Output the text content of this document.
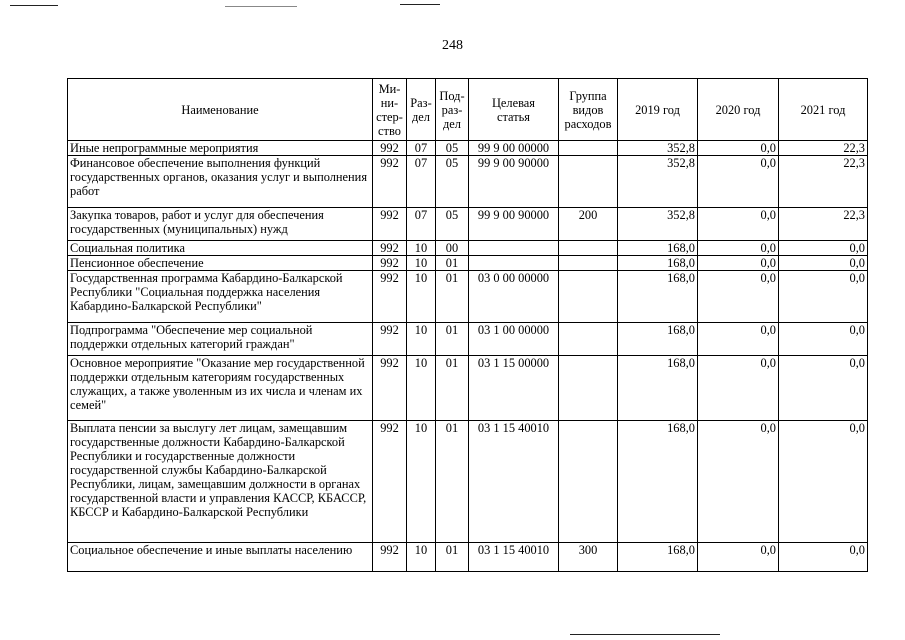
248
Наименование	Ми-
ни-
стер-
ство	Раз-
дел	Под-
раз-
дел	Целевая
статья	Группа
видов
расходов	2019 год	2020 год	2021 год
Иные непрограммные мероприятия	992	07	05	99 9 00 00000		352,8	0,0	22,3
Финансовое обеспечение выполнения функций государственных органов, оказания услуг и выполнения работ	992	07	05	99 9 00 90000		352,8	0,0	22,3
Закупка товаров, работ и услуг для обеспечения государственных (муниципальных) нужд	992	07	05	99 9 00 90000	200	352,8	0,0	22,3
Социальная политика	992	10	00			168,0	0,0	0,0
Пенсионное обеспечение	992	10	01			168,0	0,0	0,0
Государственная программа Кабардино-Балкарской Республики "Социальная поддержка населения Кабардино-Балкарской Республики"	992	10	01	03 0 00 00000		168,0	0,0	0,0
Подпрограмма "Обеспечение мер социальной поддержки отдельных категорий граждан"	992	10	01	03 1 00 00000		168,0	0,0	0,0
Основное мероприятие "Оказание мер государственной поддержки отдельным категориям государственных служащих, а также уволенным из их числа и членам их семей"	992	10	01	03 1 15 00000		168,0	0,0	0,0
Выплата пенсии за выслугу лет лицам, замещавшим государственные должности Кабардино-Балкарской Республики и государственные должности государственной службы Кабардино-Балкарской Республики, лицам, замещавшим должности в органах государственной власти и управления КАССР, КБАССР, КБССР и Кабардино-Балкарской Республики	992	10	01	03 1 15 40010		168,0	0,0	0,0
Социальное обеспечение и иные выплаты населению	992	10	01	03 1 15 40010	300	168,0	0,0	0,0
